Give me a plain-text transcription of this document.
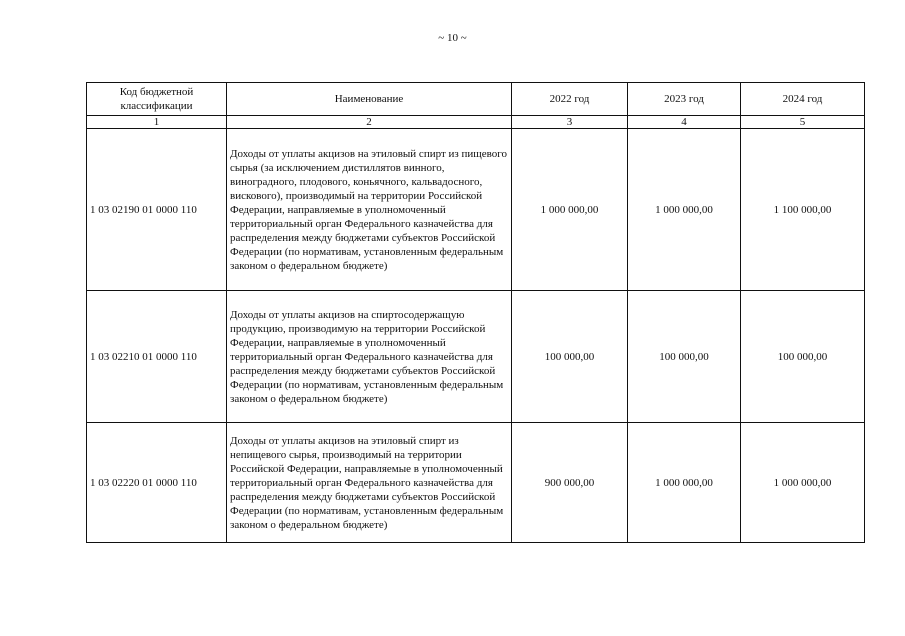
~ 10 ~
Код бюджетной классификации	Наименование	2022 год	2023 год	2024 год
1	2	3	4	5
1 03 02190 01 0000 110	Доходы от уплаты акцизов на этиловый спирт из пищевого сырья (за исключением дистиллятов винного, виноградного, плодового, коньячного, кальвадосного, вискового), производимый на территории Российской Федерации, направляемые в уполномоченный территориальный орган Федерального казначейства для распределения между бюджетами субъектов Российской Федерации (по нормативам, установленным федеральным законом о федеральном бюджете)	1 000 000,00	1 000 000,00	1 100 000,00
1 03 02210 01 0000 110	Доходы от уплаты акцизов на спиртосодержащую продукцию, производимую на территории Российской Федерации, направляемые в уполномоченный территориальный орган Федерального казначейства для распределения между бюджетами субъектов Российской Федерации (по нормативам, установленным федеральным законом о федеральном бюджете)	100 000,00	100 000,00	100 000,00
1 03 02220 01 0000 110	Доходы от уплаты акцизов на этиловый спирт из непищевого сырья, производимый на территории Российской Федерации, направляемые в уполномоченный территориальный орган Федерального казначейства для распределения между бюджетами субъектов Российской Федерации (по нормативам, установленным федеральным законом о федеральном бюджете)	900 000,00	1 000 000,00	1 000 000,00
